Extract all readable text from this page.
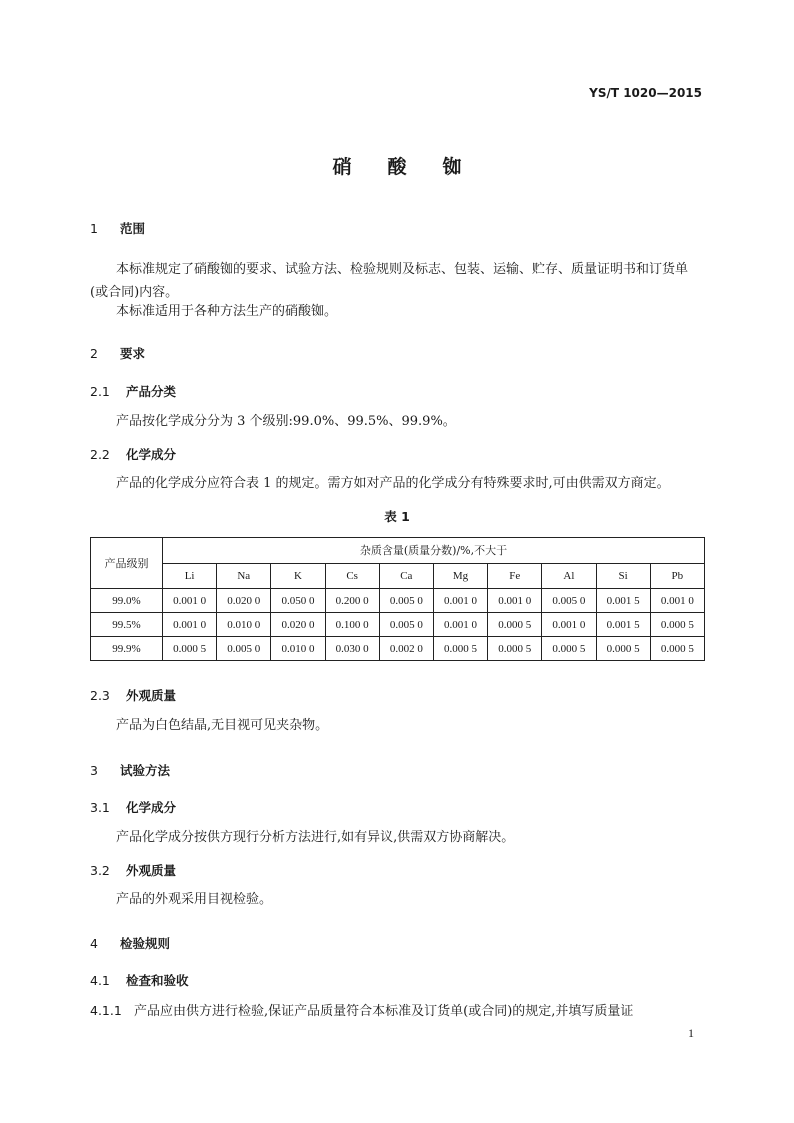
YS/T 1020—2015
硝酸铷
1 范围
本标准规定了硝酸铷的要求、试验方法、检验规则及标志、包装、运输、贮存、质量证明书和订货单(或合同)内容。
本标准适用于各种方法生产的硝酸铷。
2 要求
2.1 产品分类
产品按化学成分分为 3 个级别:99.0%、99.5%、99.9%。
2.2 化学成分
产品的化学成分应符合表 1 的规定。需方如对产品的化学成分有特殊要求时,可由供需双方商定。
表 1
产品级别	杂质含量(质量分数)/%,不大于									
	Li	Na	K	Cs	Ca	Mg	Fe	Al	Si	Pb
99.0%	0.001 0	0.020 0	0.050 0	0.200 0	0.005 0	0.001 0	0.001 0	0.005 0	0.001 5	0.001 0
99.5%	0.001 0	0.010 0	0.020 0	0.100 0	0.005 0	0.001 0	0.000 5	0.001 0	0.001 5	0.000 5
99.9%	0.000 5	0.005 0	0.010 0	0.030 0	0.002 0	0.000 5	0.000 5	0.000 5	0.000 5	0.000 5
2.3 外观质量
产品为白色结晶,无目视可见夹杂物。
3 试验方法
3.1 化学成分
产品化学成分按供方现行分析方法进行,如有异议,供需双方协商解决。
3.2 外观质量
产品的外观采用目视检验。
4 检验规则
4.1 检查和验收
4.1.1 产品应由供方进行检验,保证产品质量符合本标准及订货单(或合同)的规定,并填写质量证
1
